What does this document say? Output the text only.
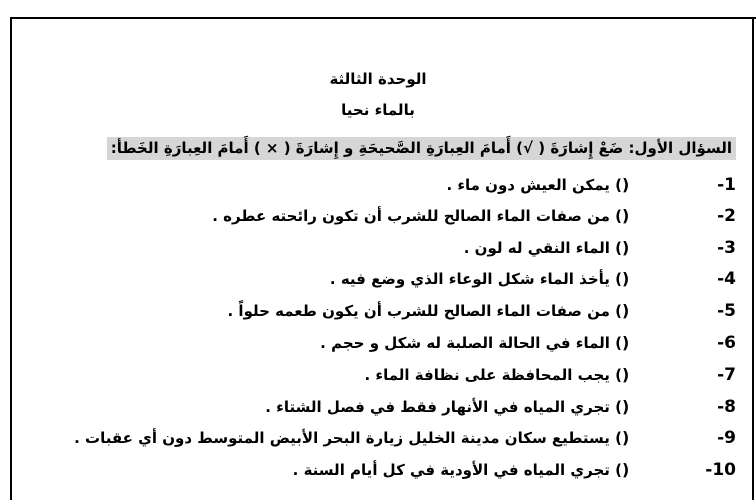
الوحدة الثالثة
بالماء نحيا
السؤال الأول: ضَعْ إِشارَةَ ( √) أَمامَ العِبارَةِ الصَّحيحَةِ و إِشارَةَ ( × ) أَمامَ العِبارَةِ الخَطأ:
1-() يمكن العيش دون ماء .
2-() من صفات الماء الصالح للشرب أن تكون رائحته عطره .
3-() الماء النقي له لون .
4-() يأخذ الماء شكل الوعاء الذي وضع فيه .
5-() من صفات الماء الصالح للشرب أن يكون طعمه حلواً .
6-() الماء في الحالة الصلبة له شكل و حجم .
7-() يجب المحافظة على نظافة الماء .
8-() تجري المياه في الأنهار فقط في فصل الشتاء .
9-() يستطيع سكان مدينة الخليل زيارة البحر الأبيض المتوسط دون أي عقبات .
10-() تجري المياه في الأودية في كل أيام السنة .
